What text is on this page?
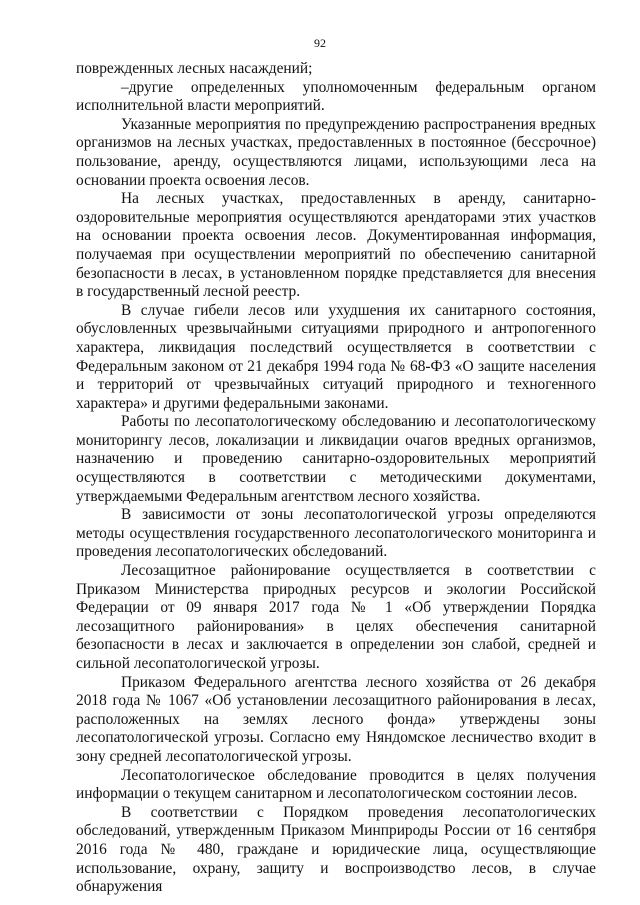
92

поврежденных лесных насаждений;

–другие определенных уполномоченным федеральным органом исполнительной власти мероприятий.

Указанные мероприятия по предупреждению распространения вредных организмов на лесных участках, предоставленных в постоянное (бессрочное) пользование, аренду, осуществляются лицами, использующими леса на основании проекта освоения лесов.

На лесных участках, предоставленных в аренду, санитарно-оздоровительные мероприятия осуществляются арендаторами этих участков на основании проекта освоения лесов. Документированная информация, получаемая при осуществлении мероприятий по обеспечению санитарной безопасности в лесах, в установленном порядке представляется для внесения в государственный лесной реестр.

В случае гибели лесов или ухудшения их санитарного состояния, обусловленных чрезвычайными ситуациями природного и антропогенного характера, ликвидация последствий осуществляется в соответствии с Федеральным законом от 21 декабря 1994 года № 68-ФЗ «О защите населения и территорий от чрезвычайных ситуаций природного и техногенного характера» и другими федеральными законами.

Работы по лесопатологическому обследованию и лесопатологическому мониторингу лесов, локализации и ликвидации очагов вредных организмов, назначению и проведению санитарно-оздоровительных мероприятий осуществляются в соответствии с методическими документами, утверждаемыми Федеральным агентством лесного хозяйства.

В зависимости от зоны лесопатологической угрозы определяются методы осуществления государственного лесопатологического мониторинга и проведения лесопатологических обследований.

Лесозащитное районирование осуществляется в соответствии с Приказом Министерства природных ресурсов и экологии Российской Федерации от 09 января 2017 года № 1 «Об утверждении Порядка лесозащитного районирования» в целях обеспечения санитарной безопасности в лесах и заключается в определении зон слабой, средней и сильной лесопатологической угрозы.

Приказом Федерального агентства лесного хозяйства от 26 декабря 2018 года № 1067 «Об установлении лесозащитного районирования в лесах, расположенных на землях лесного фонда» утверждены зоны лесопатологической угрозы. Согласно ему Няндомское лесничество входит в зону средней лесопатологической угрозы.

Лесопатологическое обследование проводится в целях получения информации о текущем санитарном и лесопатологическом состоянии лесов.

В соответствии с Порядком проведения лесопатологических обследований, утвержденным Приказом Минприроды России от 16 сентября 2016 года № 480, граждане и юридические лица, осуществляющие использование, охрану, защиту и воспроизводство лесов, в случае обнаружения
